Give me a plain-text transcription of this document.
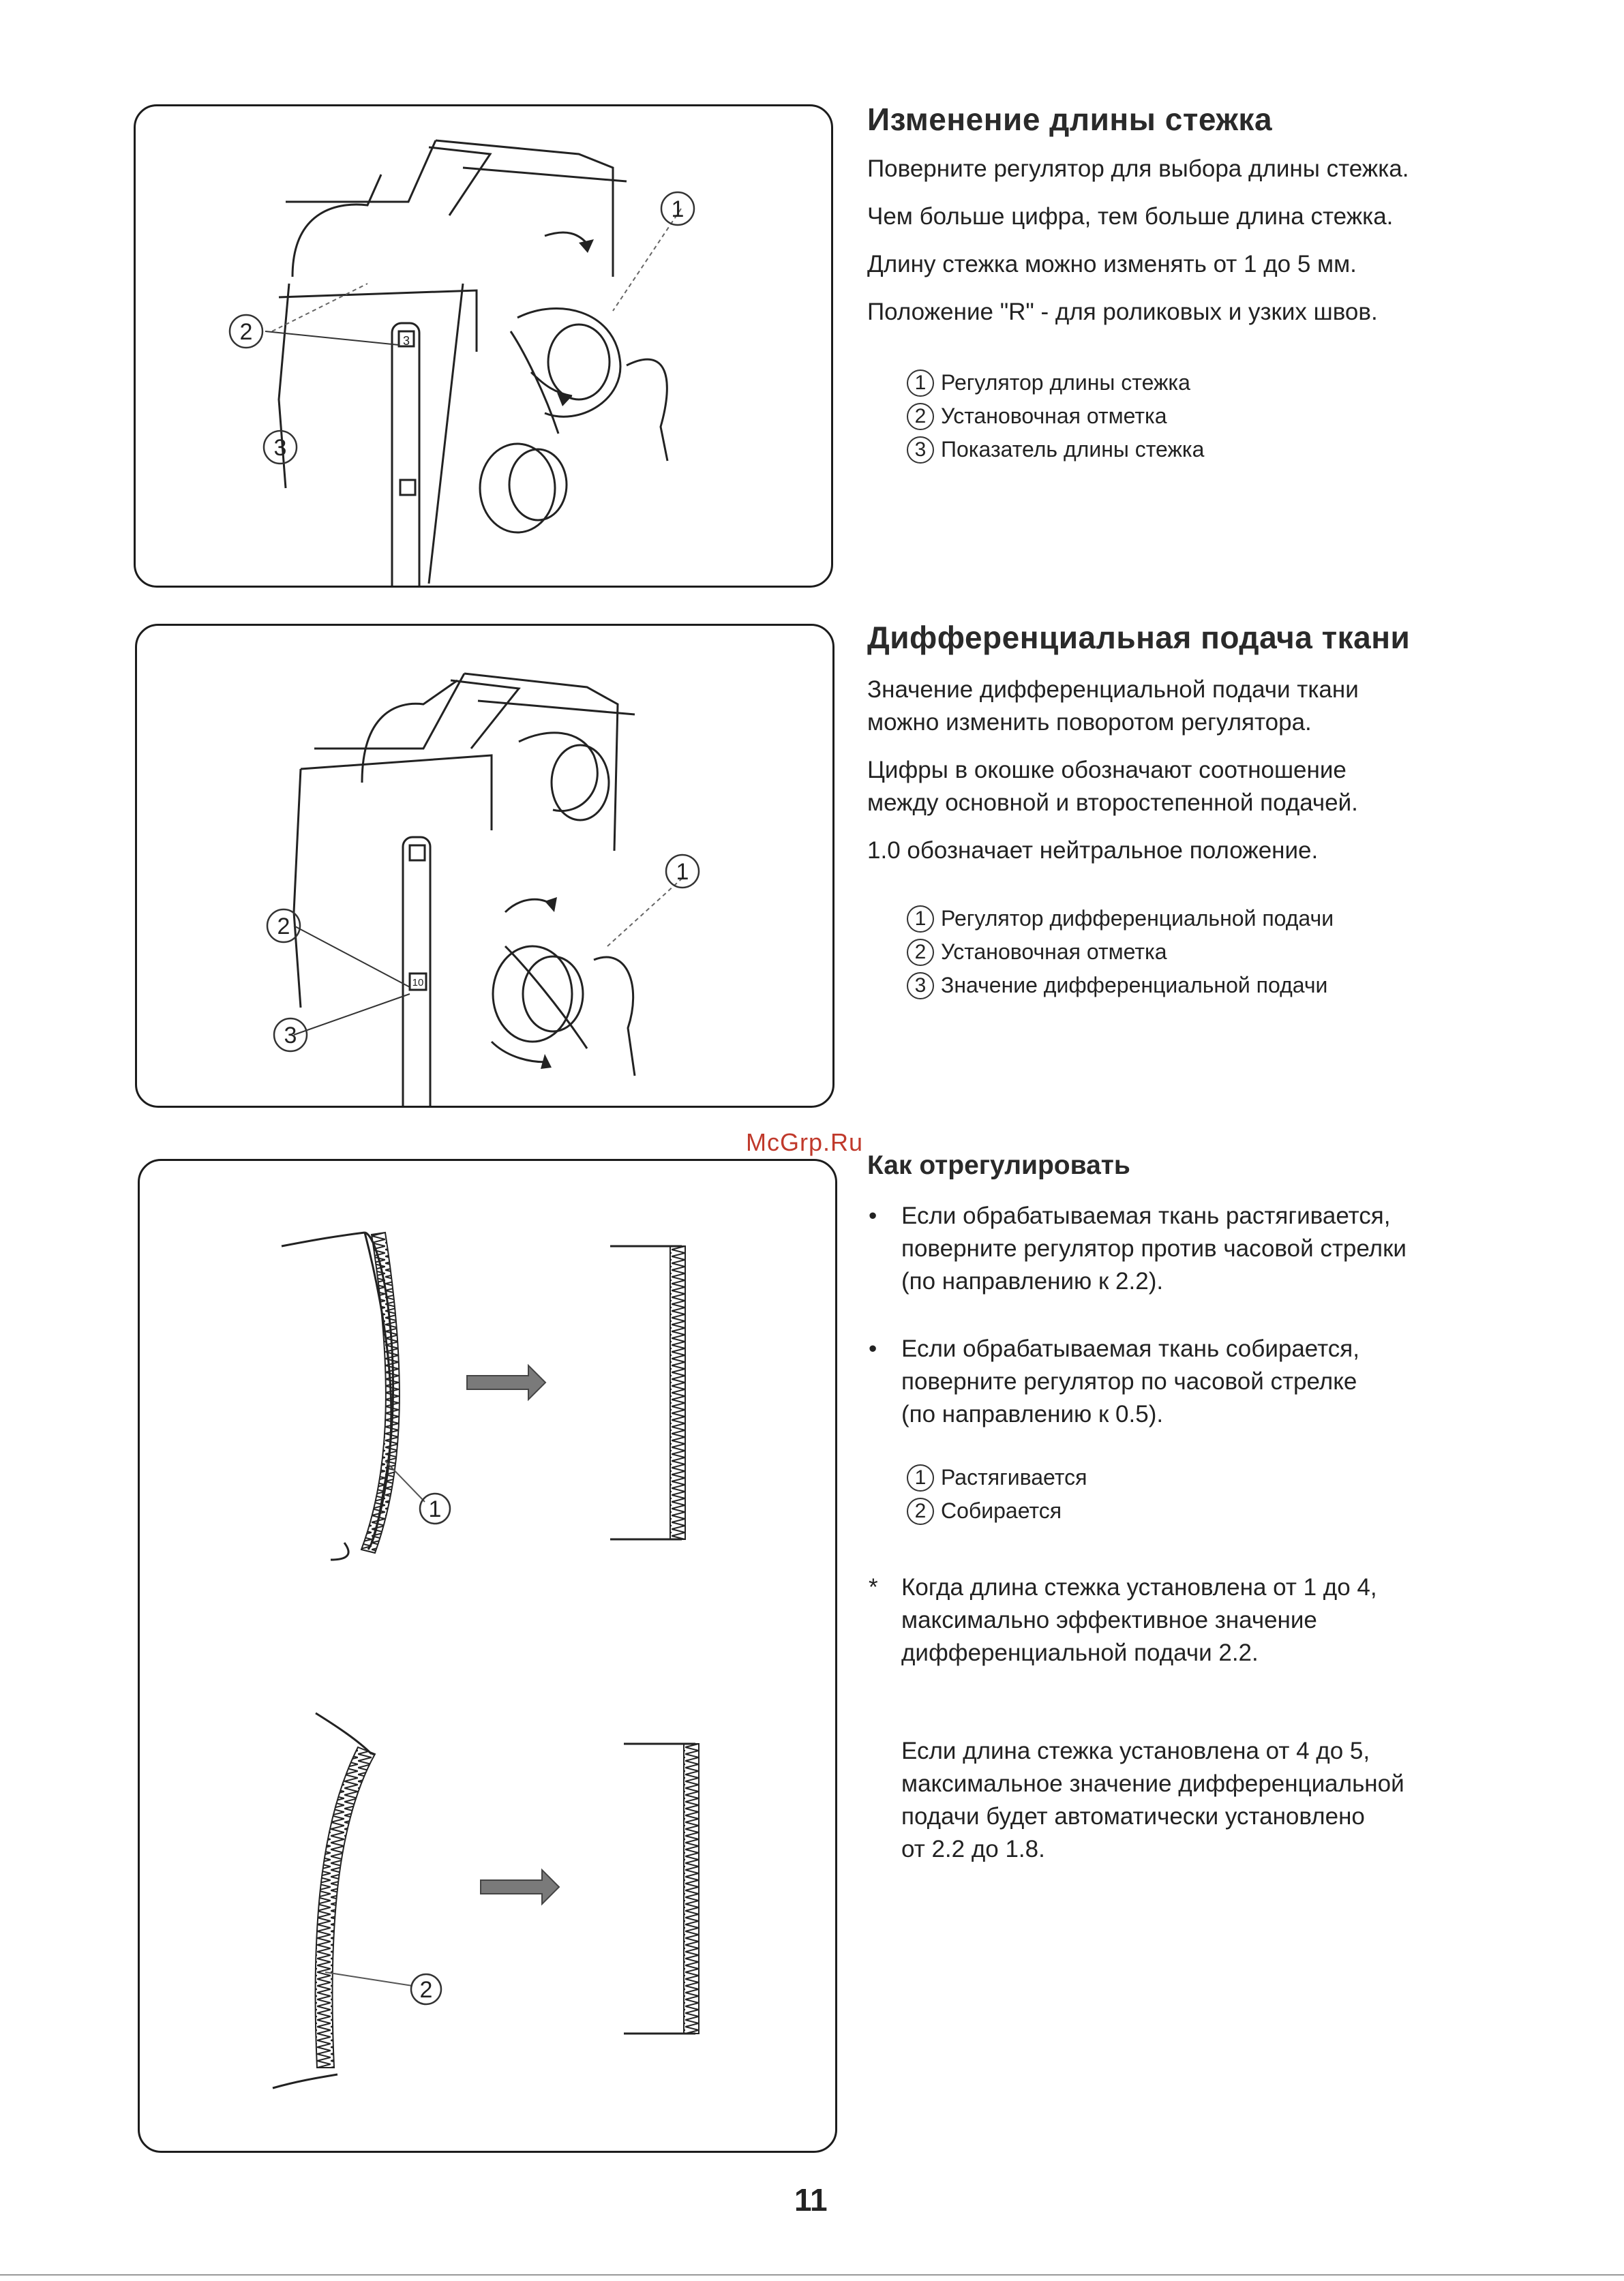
1
2
3
3
Изменение длины стежка

Поверните регулятор для выбора длины стежка.

Чем больше цифра, тем больше длина стежка.

Длину стежка можно изменять от 1 до 5 мм.

Положение "R" - для роликовых и узких швов.

1 Регулятор длины стежка
2 Установочная отметка
3 Показатель длины стежка
1
2
3
10
Дифференциальная подача ткани

Значение дифференциальной подачи ткани

можно изменить поворотом регулятора.

Цифры в окошке обозначают соотношение

между основной и второстепенной подачей.

1.0 обозначает нейтральное положение.

1 Регулятор дифференциальной подачи
2 Установочная отметка
3 Значение дифференциальной подачи
McGrp.Ru
1
2
Как отрегулировать
• Если обрабатываемая ткань растягивается,
поверните регулятор против часовой стрелки
(по направлению к 2.2).
• Если обрабатываемая ткань собирается,
поверните регулятор по часовой стрелке
(по направлению к 0.5).
1 Растягивается
2 Собирается
* Когда длина стежка установлена от 1 до 4,
максимально эффективное значение
дифференциальной подачи 2.2.
Если длина стежка установлена от 4 до 5,
максимальное значение дифференциальной
подачи будет автоматически установлено
от 2.2 до 1.8.
11
